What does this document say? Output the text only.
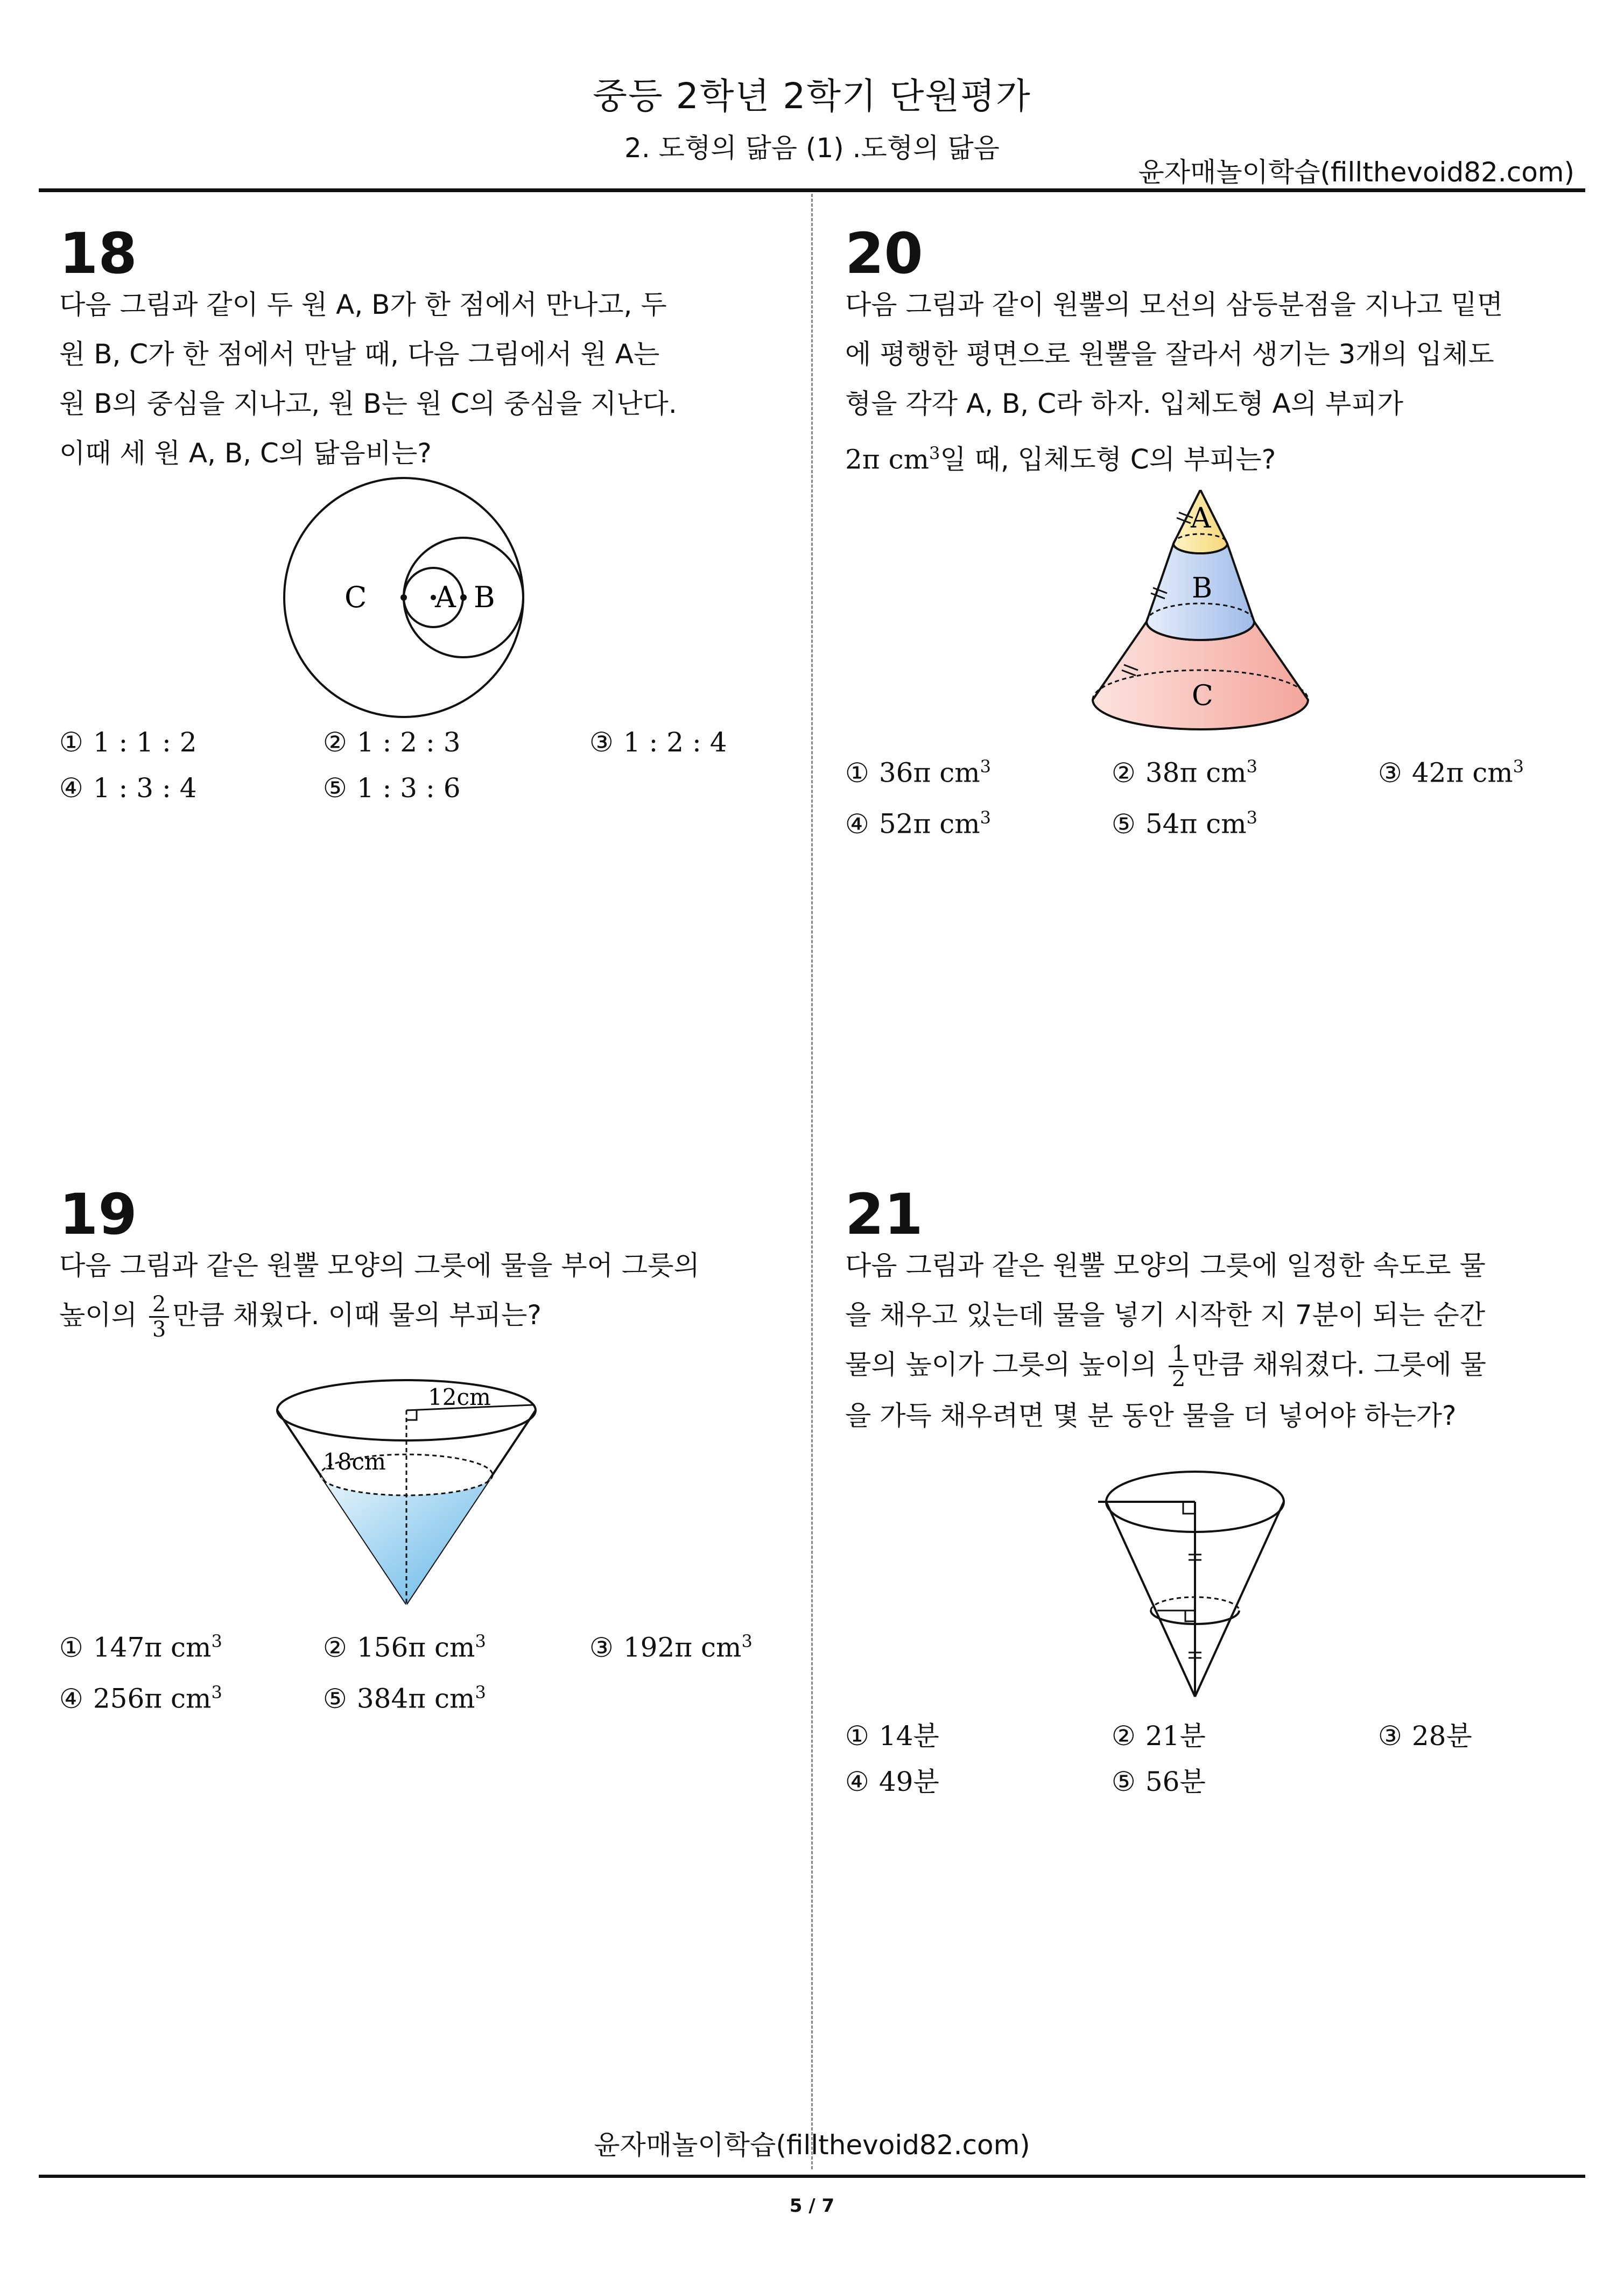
중등 2학년 2학기 단원평가
2. 도형의 닮음 (1) .도형의 닮음
윤자매놀이학습(fillthevoid82.com)
18
다음 그림과 같이 두 원 A, B가 한 점에서 만나고, 두
원 B, C가 한 점에서 만날 때, 다음 그림에서 원 A는
원 B의 중심을 지나고, 원 B는 원 C의 중심을 지난다.
이때 세 원 A, B, C의 닮음비는?
C A B
① 1 : 1 : 2	② 1 : 2 : 3	③ 1 : 2 : 4
④ 1 : 3 : 4	⑤ 1 : 3 : 6
20
다음 그림과 같이 원뿔의 모선의 삼등분점을 지나고 밑면
에 평행한 평면으로 원뿔을 잘라서 생기는 3개의 입체도
형을 각각 A, B, C라 하자. 입체도형 A의 부피가
2π $cm^3$일 때, 입체도형 C의 부피는?
A
B
C
① 36π $cm^3$	② 38π $cm^3$	③ 42π $cm^3$
④ 52π $cm^3$	⑤ 54π $cm^3$
19
다음 그림과 같은 원뿔 모양의 그릇에 물을 부어 그릇의
높이의 $\frac{2}{3}$ 만큼 채웠다. 이때 물의 부피는?
12cm
18cm
① 147π $cm^3$	② 156π $cm^3$	③ 192π $cm^3$
④ 256π $cm^3$	⑤ 384π $cm^3$
21
다음 그림과 같은 원뿔 모양의 그릇에 일정한 속도로 물
을 채우고 있는데 물을 넣기 시작한 지 7분이 되는 순간
물의 높이가 그릇의 높이의 $\frac{1}{2}$ 만큼 채워졌다. 그릇에 물
을 가득 채우려면 몇 분 동안 물을 더 넣어야 하는가?
① 14분	② 21분	③ 28분
④ 49분	⑤ 56분
윤자매놀이학습(fillthevoid82.com)
5 / 7
